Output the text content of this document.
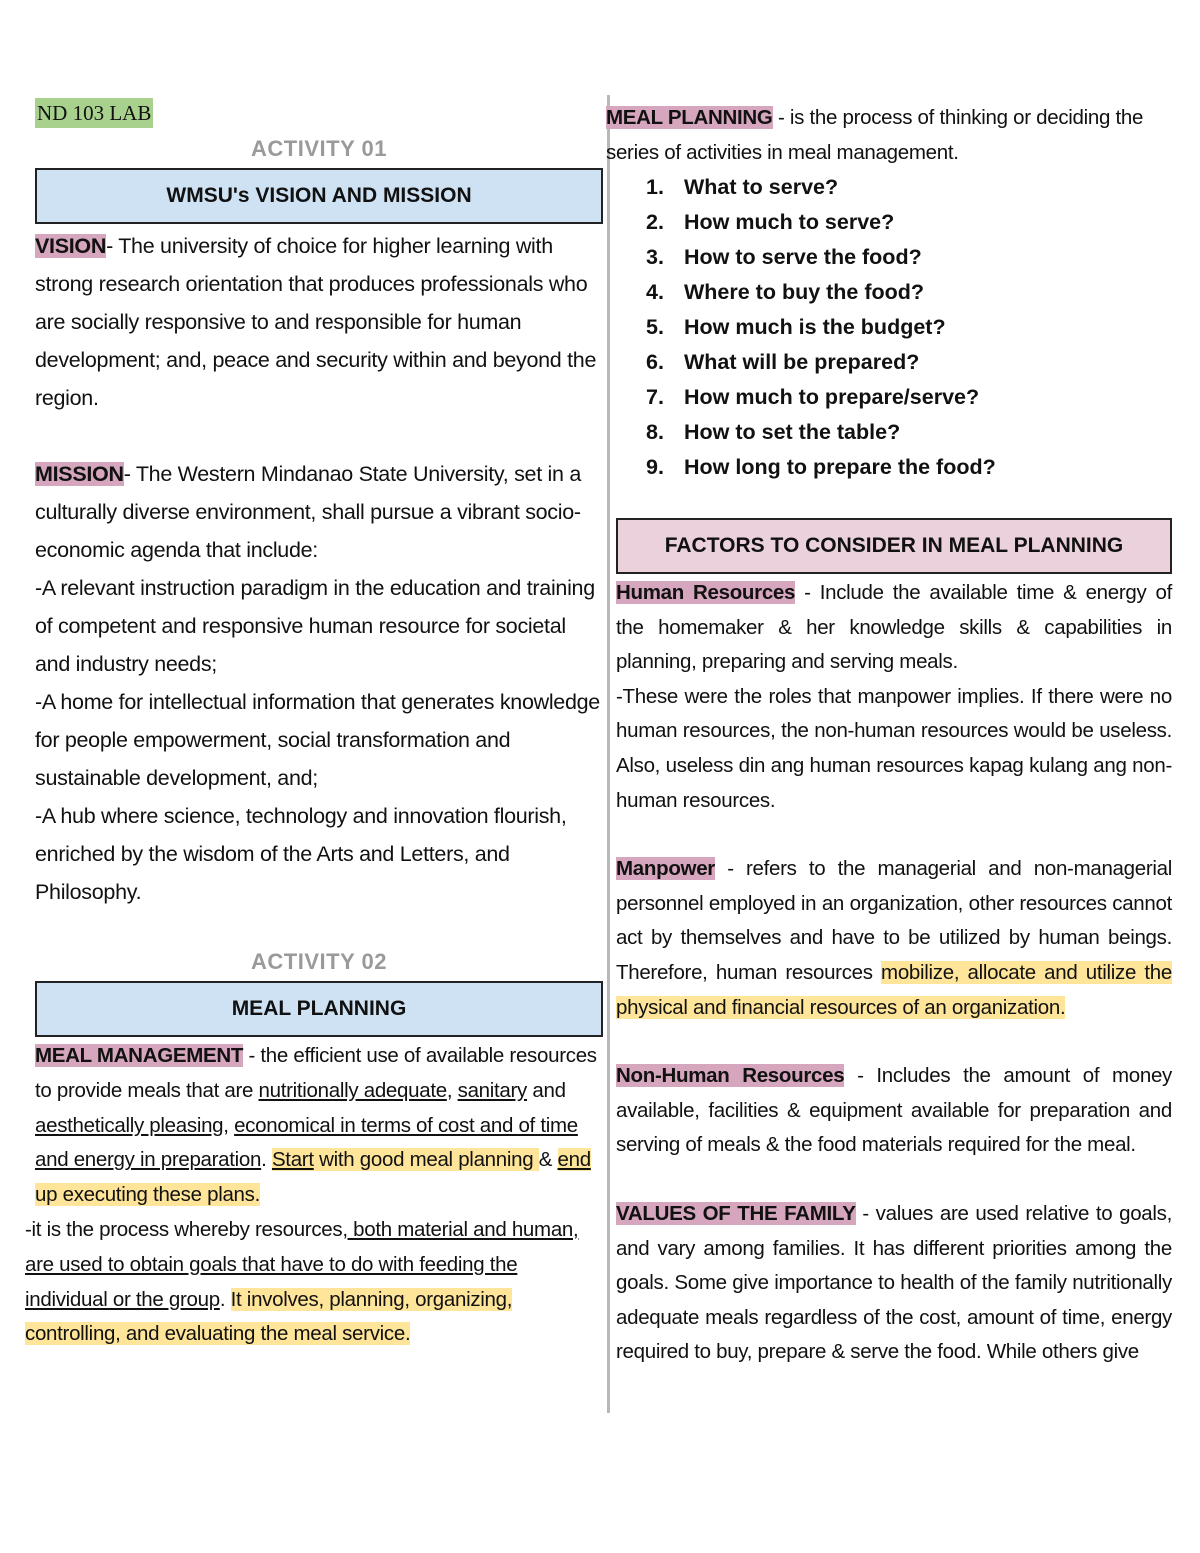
ND 103 LAB
ACTIVITY 01
WMSU's VISION AND MISSION

VISION- The university of choice for higher learning with strong research orientation that produces professionals who are socially responsive to and responsible for human development; and, peace and security within and beyond the region.

MISSION- The Western Mindanao State University, set in a culturally diverse environment, shall pursue a vibrant socio-economic agenda that include:

-A relevant instruction paradigm in the education and training of competent and responsive human resource for societal and industry needs;

-A home for intellectual information that generates knowledge for people empowerment, social transformation and sustainable development, and;

-A hub where science, technology and innovation flourish, enriched by the wisdom of the Arts and Letters, and Philosophy.

ACTIVITY 02
MEAL PLANNING

MEAL MANAGEMENT - the efficient use of available resources to provide meals that are nutritionally adequate, sanitary and aesthetically pleasing, economical in terms of cost and of time and energy in preparation. Start with good meal planning & end up executing these plans.

-it is the process whereby resources, both material and human, are used to obtain goals that have to do with feeding the individual or the group. It involves, planning, organizing, controlling, and evaluating the meal service.

MEAL PLANNING - is the process of thinking or deciding the series of activities in meal management.

1. What to serve?
2. How much to serve?
3. How to serve the food?
4. Where to buy the food?
5. How much is the budget?
6. What will be prepared?
7. How much to prepare/serve?
8. How to set the table?
9. How long to prepare the food?
FACTORS TO CONSIDER IN MEAL PLANNING

Human Resources - Include the available time & energy of the homemaker & her knowledge skills & capabilities in planning, preparing and serving meals.

-These were the roles that manpower implies. If there were no human resources, the non-human resources would be useless. Also, useless din ang human resources kapag kulang ang non-human resources.

Manpower - refers to the managerial and non-managerial personnel employed in an organization, other resources cannot act by themselves and have to be utilized by human beings. Therefore, human resources mobilize, allocate and utilize the physical and financial resources of an organization.

Non-Human Resources - Includes the amount of money available, facilities & equipment available for preparation and serving of meals & the food materials required for the meal.

VALUES OF THE FAMILY - values are used relative to goals, and vary among families. It has different priorities among the goals. Some give importance to health of the family nutritionally adequate meals regardless of the cost, amount of time, energy required to buy, prepare & serve the food. While others give
